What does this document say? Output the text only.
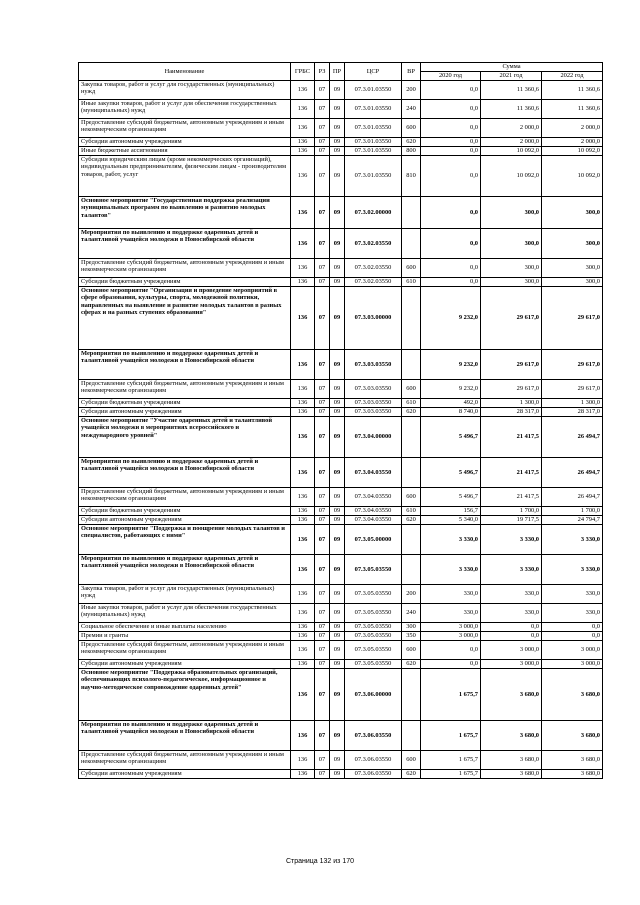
Наименование	ГРБС	РЗ	ПР	ЦСР	ВР	Сумма		
						2020 год	2021 год	2022 год
Закупка товаров, работ и услуг для государственных (муниципальных) нужд	136	07	09	07.3.01.03550	200	0,0	11 360,6	11 360,6
Иные закупки товаров, работ и услуг для обеспечения государственных (муниципальных) нужд	136	07	09	07.3.01.03550	240	0,0	11 360,6	11 360,6
Предоставление субсидий бюджетным, автономным учреждениям и иным некоммерческим организациям	136	07	09	07.3.01.03550	600	0,0	2 000,0	2 000,0
Субсидии автономным учреждениям	136	07	09	07.3.01.03550	620	0,0	2 000,0	2 000,0
Иные бюджетные ассигнования	136	07	09	07.3.01.03550	800	0,0	10 092,0	10 092,0
Субсидии юридическим лицам (кроме некоммерческих организаций), индивидуальным предпринимателям, физическим лицам - производителям товаров, работ, услуг	136	07	09	07.3.01.03550	810	0,0	10 092,0	10 092,0
Основное мероприятие "Государственная поддержка реализации муниципальных программ по выявлению и развитию молодых талантов"	136	07	09	07.3.02.00000		0,0	300,0	300,0
Мероприятия по выявлению и поддержке одаренных детей и талантливой учащейся молодежи в Новосибирской области	136	07	09	07.3.02.03550		0,0	300,0	300,0
Предоставление субсидий бюджетным, автономным учреждениям и иным некоммерческим организациям	136	07	09	07.3.02.03550	600	0,0	300,0	300,0
Субсидии бюджетным учреждениям	136	07	09	07.3.02.03550	610	0,0	300,0	300,0
Основное мероприятие "Организация и проведение мероприятий в сфере образования, культуры, спорта, молодежной политики, направленных на выявление и развитие молодых талантов в разных сферах и на разных ступенях образования"	136	07	09	07.3.03.00000		9 232,0	29 617,0	29 617,0
Мероприятия по выявлению и поддержке одаренных детей и талантливой учащейся молодежи в Новосибирской области	136	07	09	07.3.03.03550		9 232,0	29 617,0	29 617,0
Предоставление субсидий бюджетным, автономным учреждениям и иным некоммерческим организациям	136	07	09	07.3.03.03550	600	9 232,0	29 617,0	29 617,0
Субсидии бюджетным учреждениям	136	07	09	07.3.03.03550	610	492,0	1 300,0	1 300,0
Субсидии автономным учреждениям	136	07	09	07.3.03.03550	620	8 740,0	28 317,0	28 317,0
Основное мероприятие "Участие одаренных детей и талантливой учащейся молодежи в мероприятиях всероссийского и международного уровней"	136	07	09	07.3.04.00000		5 496,7	21 417,5	26 494,7
Мероприятия по выявлению и поддержке одаренных детей и талантливой учащейся молодежи в Новосибирской области	136	07	09	07.3.04.03550		5 496,7	21 417,5	26 494,7
Предоставление субсидий бюджетным, автономным учреждениям и иным некоммерческим организациям	136	07	09	07.3.04.03550	600	5 496,7	21 417,5	26 494,7
Субсидии бюджетным учреждениям	136	07	09	07.3.04.03550	610	156,7	1 700,0	1 700,0
Субсидии автономным учреждениям	136	07	09	07.3.04.03550	620	5 340,0	19 717,5	24 794,7
Основное мероприятие "Поддержка и поощрение молодых талантов и специалистов, работающих с ними"	136	07	09	07.3.05.00000		3 330,0	3 330,0	3 330,0
Мероприятия по выявлению и поддержке одаренных детей и талантливой учащейся молодежи в Новосибирской области	136	07	09	07.3.05.03550		3 330,0	3 330,0	3 330,0
Закупка товаров, работ и услуг для государственных (муниципальных) нужд	136	07	09	07.3.05.03550	200	330,0	330,0	330,0
Иные закупки товаров, работ и услуг для обеспечения государственных (муниципальных) нужд	136	07	09	07.3.05.03550	240	330,0	330,0	330,0
Социальное обеспечение и иные выплаты населению	136	07	09	07.3.05.03550	300	3 000,0	0,0	0,0
Премии и гранты	136	07	09	07.3.05.03550	350	3 000,0	0,0	0,0
Предоставление субсидий бюджетным, автономным учреждениям и иным некоммерческим организациям	136	07	09	07.3.05.03550	600	0,0	3 000,0	3 000,0
Субсидии автономным учреждениям	136	07	09	07.3.05.03550	620	0,0	3 000,0	3 000,0
Основное мероприятие "Поддержка образовательных организаций, обеспечивающих психолого-педагогическое, информационное и научно-методическое сопровождение одаренных детей"	136	07	09	07.3.06.00000		1 675,7	3 680,0	3 680,0
Мероприятия по выявлению и поддержке одаренных детей и талантливой учащейся молодежи в Новосибирской области	136	07	09	07.3.06.03550		1 675,7	3 680,0	3 680,0
Предоставление субсидий бюджетным, автономным учреждениям и иным некоммерческим организациям	136	07	09	07.3.06.03550	600	1 675,7	3 680,0	3 680,0
Субсидии автономным учреждениям	136	07	09	07.3.06.03550	620	1 675,7	3 680,0	3 680,0
Страница 132 из 170
